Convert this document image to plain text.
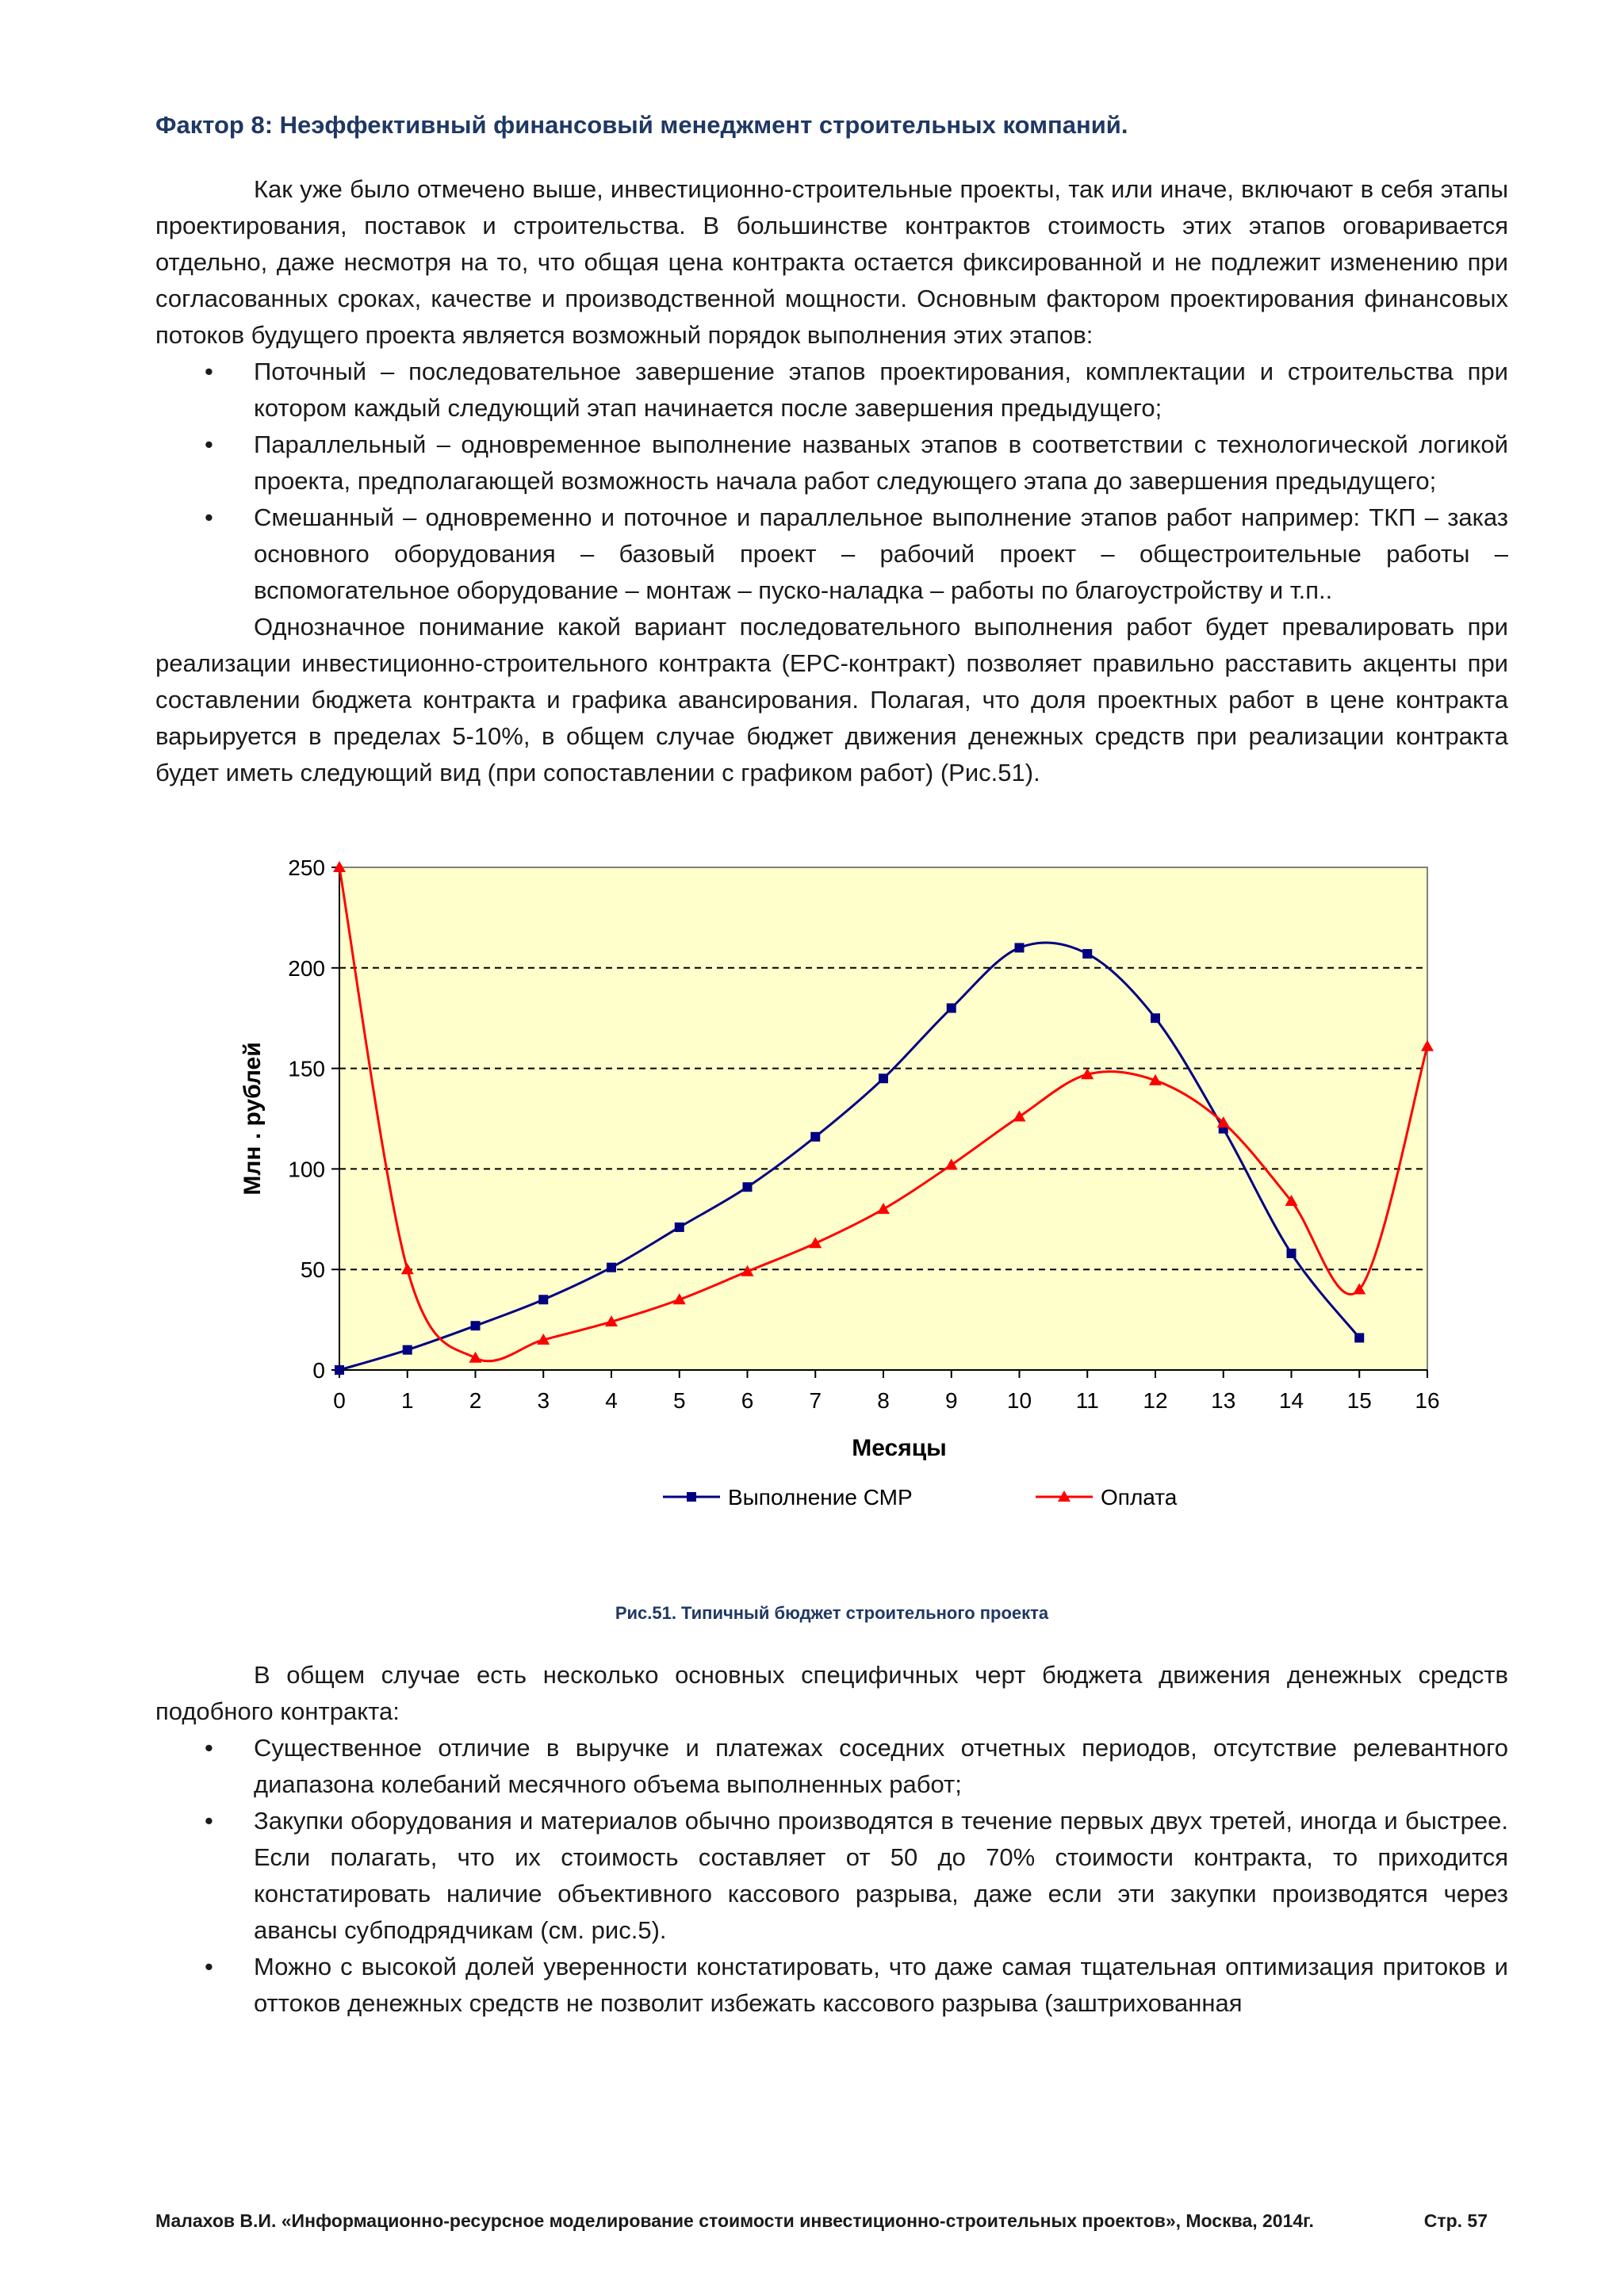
Фактор 8: Неэффективный финансовый менеджмент строительных компаний.

Как уже было отмечено выше, инвестиционно-строительные проекты, так или иначе, включают в себя этапы проектирования, поставок и строительства. В большинстве контрактов стоимость этих этапов оговаривается отдельно, даже несмотря на то, что общая цена контракта остается фиксированной и не подлежит изменению при согласованных сроках, качестве и производственной мощности. Основным фактором проектирования финансовых потоков будущего проекта является возможный порядок выполнения этих этапов:

• Поточный – последовательное завершение этапов проектирования, комплектации и строительства при котором каждый следующий этап начинается после завершения предыдущего;
• Параллельный – одновременное выполнение названых этапов в соответствии с технологической логикой проекта, предполагающей возможность начала работ следующего этапа до завершения предыдущего;
• Смешанный – одновременно и поточное и параллельное выполнение этапов работ например: ТКП – заказ основного оборудования – базовый проект – рабочий проект – общестроительные работы – вспомогательное оборудование – монтаж – пуско-наладка – работы по благоустройству и т.п..

Однозначное понимание какой вариант последовательного выполнения работ будет превалировать при реализации инвестиционно-строительного контракта (EPC-контракт) позволяет правильно расставить акценты при составлении бюджета контракта и графика авансирования. Полагая, что доля проектных работ в цене контракта варьируется в пределах 5-10%, в общем случае бюджет движения денежных средств при реализации контракта будет иметь следующий вид (при сопоставлении с графиком работ) (Рис.51).

0
50
100
150
200
250
0	1	2	3	4	5	6	7	8	9 10 11 12 13 14 15 16
Месяцы
Млн . рублей
Выполнение СМР	Оплата
Рис.51. Типичный бюджет строительного проекта

В общем случае есть несколько основных специфичных черт бюджета движения денежных средств подобного контракта:

• Существенное отличие в выручке и платежах соседних отчетных периодов, отсутствие релевантного диапазона колебаний месячного объема выполненных работ;
• Закупки оборудования и материалов обычно производятся в течение первых двух третей, иногда и быстрее. Если полагать, что их стоимость составляет от 50 до 70% стоимости контракта, то приходится констатировать наличие объективного кассового разрыва, даже если эти закупки производятся через авансы субподрядчикам (см. рис.5).
• Можно с высокой долей уверенности констатировать, что даже самая тщательная оптимизация притоков и оттоков денежных средств не позволит избежать кассового разрыва (заштрихованная
Малахов В.И. «Информационно-ресурсное моделирование стоимости инвестиционно-строительных проектов», Москва, 2014г.	Стр. 57
